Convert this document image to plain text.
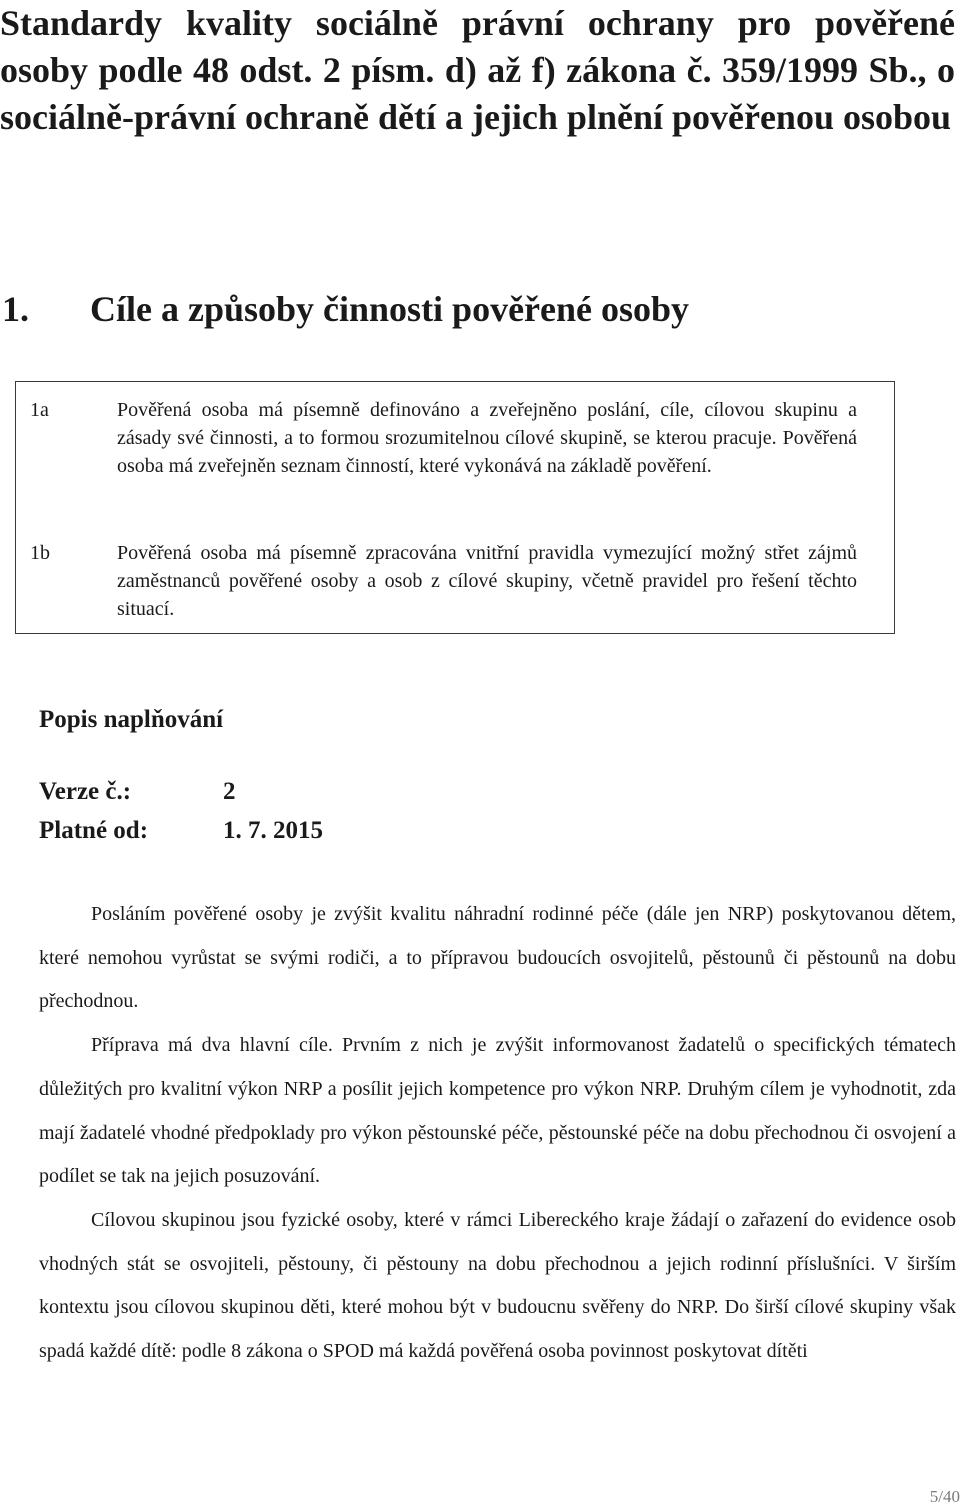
Standardy kvality sociálně právní ochrany pro pověřené osoby podle 48 odst. 2 písm. d) až f) zákona č. 359/1999 Sb., o sociálně-právní ochraně dětí a jejich plnění pověřenou osobou
1. Cíle a způsoby činnosti pověřené osoby
1a	Pověřená osoba má písemně definováno a zveřejněno poslání, cíle, cílovou skupinu a zásady své činnosti, a to formou srozumitelnou cílové skupině, se kterou pracuje. Pověřená osoba má zveřejněn seznam činností, které vykonává na základě pověření.

1b	Pověřená osoba má písemně zpracována vnitřní pravidla vymezující možný střet zájmů zaměstnanců pověřené osoby a osob z cílové skupiny, včetně pravidel pro řešení těchto situací.

Popis naplňování
Verze č.:	2
Platné od:	1. 7. 2015

Posláním pověřené osoby je zvýšit kvalitu náhradní rodinné péče (dále jen NRP) poskytovanou dětem, které nemohou vyrůstat se svými rodiči, a to přípravou budoucích osvojitelů, pěstounů či pěstounů na dobu přechodnou.

Příprava má dva hlavní cíle. Prvním z nich je zvýšit informovanost žadatelů o specifických tématech důležitých pro kvalitní výkon NRP a posílit jejich kompetence pro výkon NRP. Druhým cílem je vyhodnotit, zda mají žadatelé vhodné předpoklady pro výkon pěstounské péče, pěstounské péče na dobu přechodnou či osvojení a podílet se tak na jejich posuzování.

Cílovou skupinou jsou fyzické osoby, které v rámci Libereckého kraje žádají o zařazení do evidence osob vhodných stát se osvojiteli, pěstouny, či pěstouny na dobu přechodnou a jejich rodinní příslušníci. V širším kontextu jsou cílovou skupinou děti, které mohou být v budoucnu svěřeny do NRP. Do širší cílové skupiny však spadá každé dítě: podle 8 zákona o SPOD má každá pověřená osoba povinnost poskytovat dítěti

5/40
